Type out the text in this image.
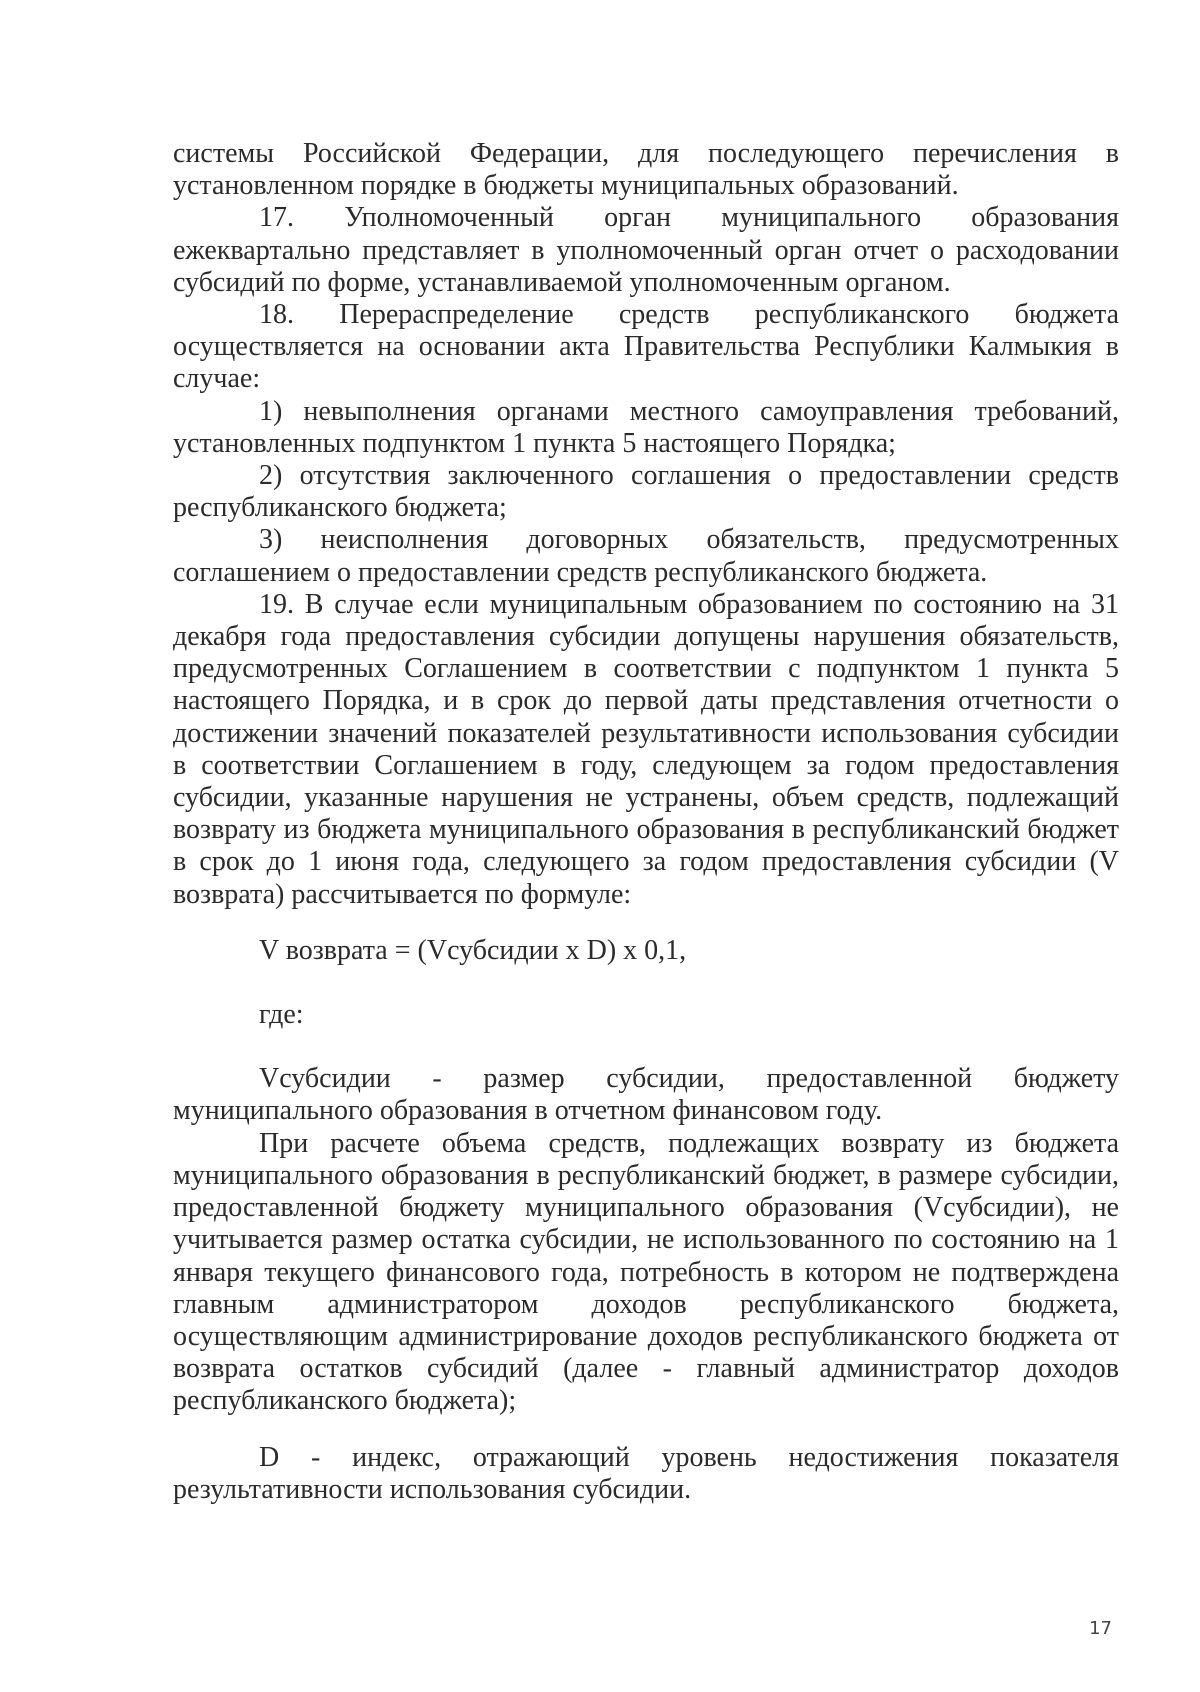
системы Российской Федерации, для последующего перечисления в установленном порядке в бюджеты муниципальных образований.

17. Уполномоченный орган муниципального образования ежеквартально представляет в уполномоченный орган отчет о расходовании субсидий по форме, устанавливаемой уполномоченным органом.

18. Перераспределение средств республиканского бюджета осуществляется на основании акта Правительства Республики Калмыкия в случае:

1) невыполнения органами местного самоуправления требований, установленных подпунктом 1 пункта 5 настоящего Порядка;

2) отсутствия заключенного соглашения о предоставлении средств республиканского бюджета;

3) неисполнения договорных обязательств, предусмотренных соглашением о предоставлении средств республиканского бюджета.

19. В случае если муниципальным образованием по состоянию на 31 декабря года предоставления субсидии допущены нарушения обязательств, предусмотренных Соглашением в соответствии с подпунктом 1 пункта 5 настоящего Порядка, и в срок до первой даты представления отчетности о достижении значений показателей результативности использования субсидии в соответствии Соглашением в году, следующем за годом предоставления субсидии, указанные нарушения не устранены, объем средств, подлежащий возврату из бюджета муниципального образования в республиканский бюджет в срок до 1 июня года, следующего за годом предоставления субсидии (V возврата) рассчитывается по формуле:

V возврата = (Vсубсидии x D) x 0,1,

где:

Vсубсидии - размер субсидии, предоставленной бюджету муниципального образования в отчетном финансовом году.

При расчете объема средств, подлежащих возврату из бюджета муниципального образования в республиканский бюджет, в размере субсидии, предоставленной бюджету муниципального образования (Vсубсидии), не учитывается размер остатка субсидии, не использованного по состоянию на 1 января текущего финансового года, потребность в котором не подтверждена главным администратором доходов республиканского бюджета, осуществляющим администрирование доходов республиканского бюджета от возврата остатков субсидий (далее - главный администратор доходов республиканского бюджета);

D - индекс, отражающий уровень недостижения показателя результативности использования субсидии.

17
